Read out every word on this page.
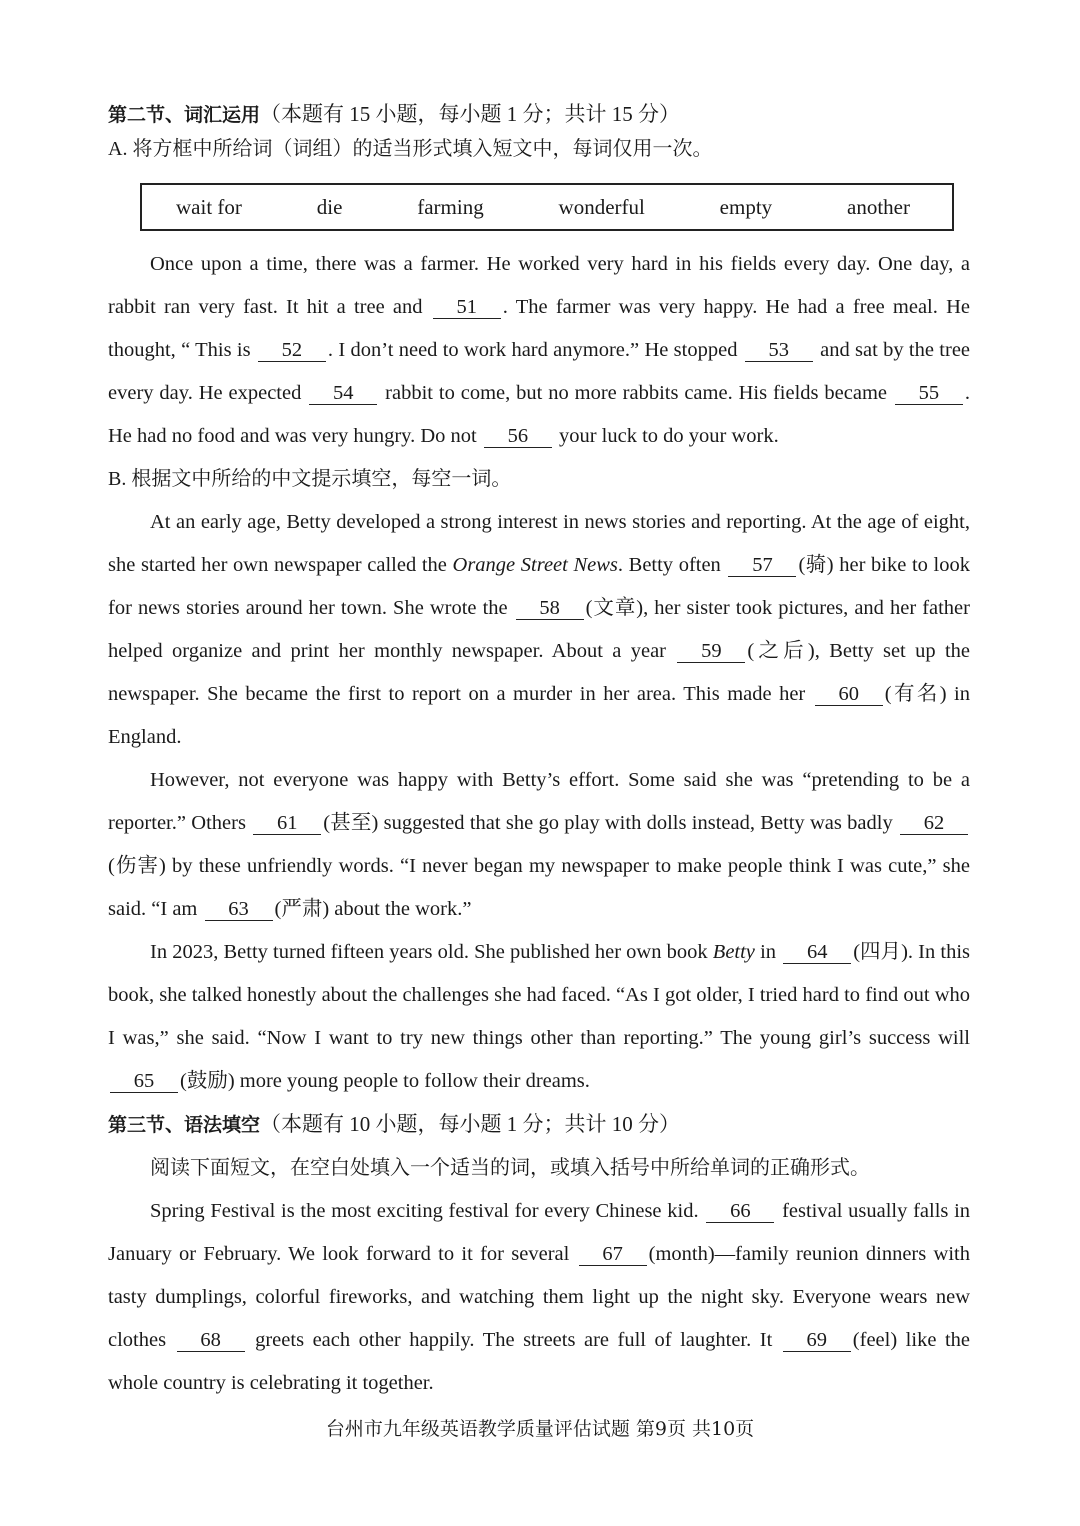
第二节、词汇运用（本题有 15 小题，每小题 1 分；共计 15 分）

A. 将方框中所给词（词组）的适当形式填入短文中，每词仅用一次。

wait for	die	farming	wonderful	empty	another

Once upon a time, there was a farmer. He worked very hard in his fields every day. One day, a rabbit ran very fast. It hit a tree and 51 . The farmer was very happy. He had a free meal. He thought, “ This is 52 . I don’t need to work hard anymore.” He stopped 53 and sat by the tree every day. He expected 54 rabbit to come, but no more rabbits came. His fields became 55 . He had no food and was very hungry. Do not 56 your luck to do your work.

B. 根据文中所给的中文提示填空，每空一词。

At an early age, Betty developed a strong interest in news stories and reporting. At the age of eight, she started her own newspaper called the Orange Street News. Betty often 57 (骑) her bike to look for news stories around her town. She wrote the 58 (文章), her sister took pictures, and her father helped organize and print her monthly newspaper. About a year 59 (之后), Betty set up the newspaper. She became the first to report on a murder in her area. This made her 60 (有名) in England.

However, not everyone was happy with Betty’s effort. Some said she was “pretending to be a reporter.” Others 61 (甚至) suggested that she go play with dolls instead, Betty was badly 62(伤害) by these unfriendly words. “I never began my newspaper to make people think I was cute,” she said. “I am 63 (严肃) about the work.”

In 2023, Betty turned fifteen years old. She published her own book Betty in 64 (四月). In this book, she talked honestly about the challenges she had faced. “As I got older, I tried hard to find out who I was,” she said. “Now I want to try new things other than reporting.” The young girl’s success will 65 (鼓励) more young people to follow their dreams.

第三节、语法填空（本题有 10 小题，每小题 1 分；共计 10 分）

阅读下面短文，在空白处填入一个适当的词，或填入括号中所给单词的正确形式。

Spring Festival is the most exciting festival for every Chinese kid. 66 festival usually falls in January or February. We look forward to it for several 67 (month)—family reunion dinners with tasty dumplings, colorful fireworks, and watching them light up the night sky. Everyone wears new clothes 68 greets each other happily. The streets are full of laughter. It 69 (feel) like the whole country is celebrating it together.

台州市九年级英语教学质量评估试题 第9页 共10页
